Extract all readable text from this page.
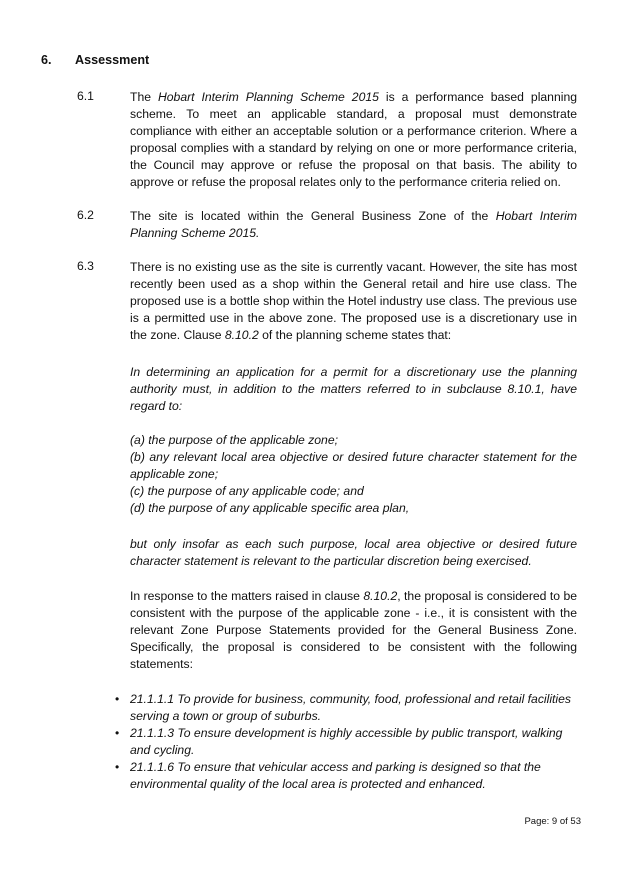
6. Assessment
6.1	The Hobart Interim Planning Scheme 2015 is a performance based planning scheme. To meet an applicable standard, a proposal must demonstrate compliance with either an acceptable solution or a performance criterion. Where a proposal complies with a standard by relying on one or more performance criteria, the Council may approve or refuse the proposal on that basis. The ability to approve or refuse the proposal relates only to the performance criteria relied on.

6.2	The site is located within the General Business Zone of the Hobart Interim Planning Scheme 2015.

6.3	There is no existing use as the site is currently vacant. However, the site has most recently been used as a shop within the General retail and hire use class. The proposed use is a bottle shop within the Hotel industry use class. The previous use is a permitted use in the above zone. The proposed use is a discretionary use in the zone. Clause 8.10.2 of the planning scheme states that:

In determining an application for a permit for a discretionary use the planning authority must, in addition to the matters referred to in subclause 8.10.1, have regard to:
(a) the purpose of the applicable zone;
(b) any relevant local area objective or desired future character statement for the applicable zone;
(c) the purpose of any applicable code; and
(d) the purpose of any applicable specific area plan,
but only insofar as each such purpose, local area objective or desired future character statement is relevant to the particular discretion being exercised.

In response to the matters raised in clause 8.10.2, the proposal is considered to be consistent with the purpose of the applicable zone - i.e., it is consistent with the relevant Zone Purpose Statements provided for the General Business Zone. Specifically, the proposal is considered to be consistent with the following statements:

• 21.1.1.1 To provide for business, community, food, professional and retail facilities serving a town or group of suburbs.
• 21.1.1.3 To ensure development is highly accessible by public transport, walking and cycling.
• 21.1.1.6 To ensure that vehicular access and parking is designed so that the environmental quality of the local area is protected and enhanced.
Page: 9 of 53
